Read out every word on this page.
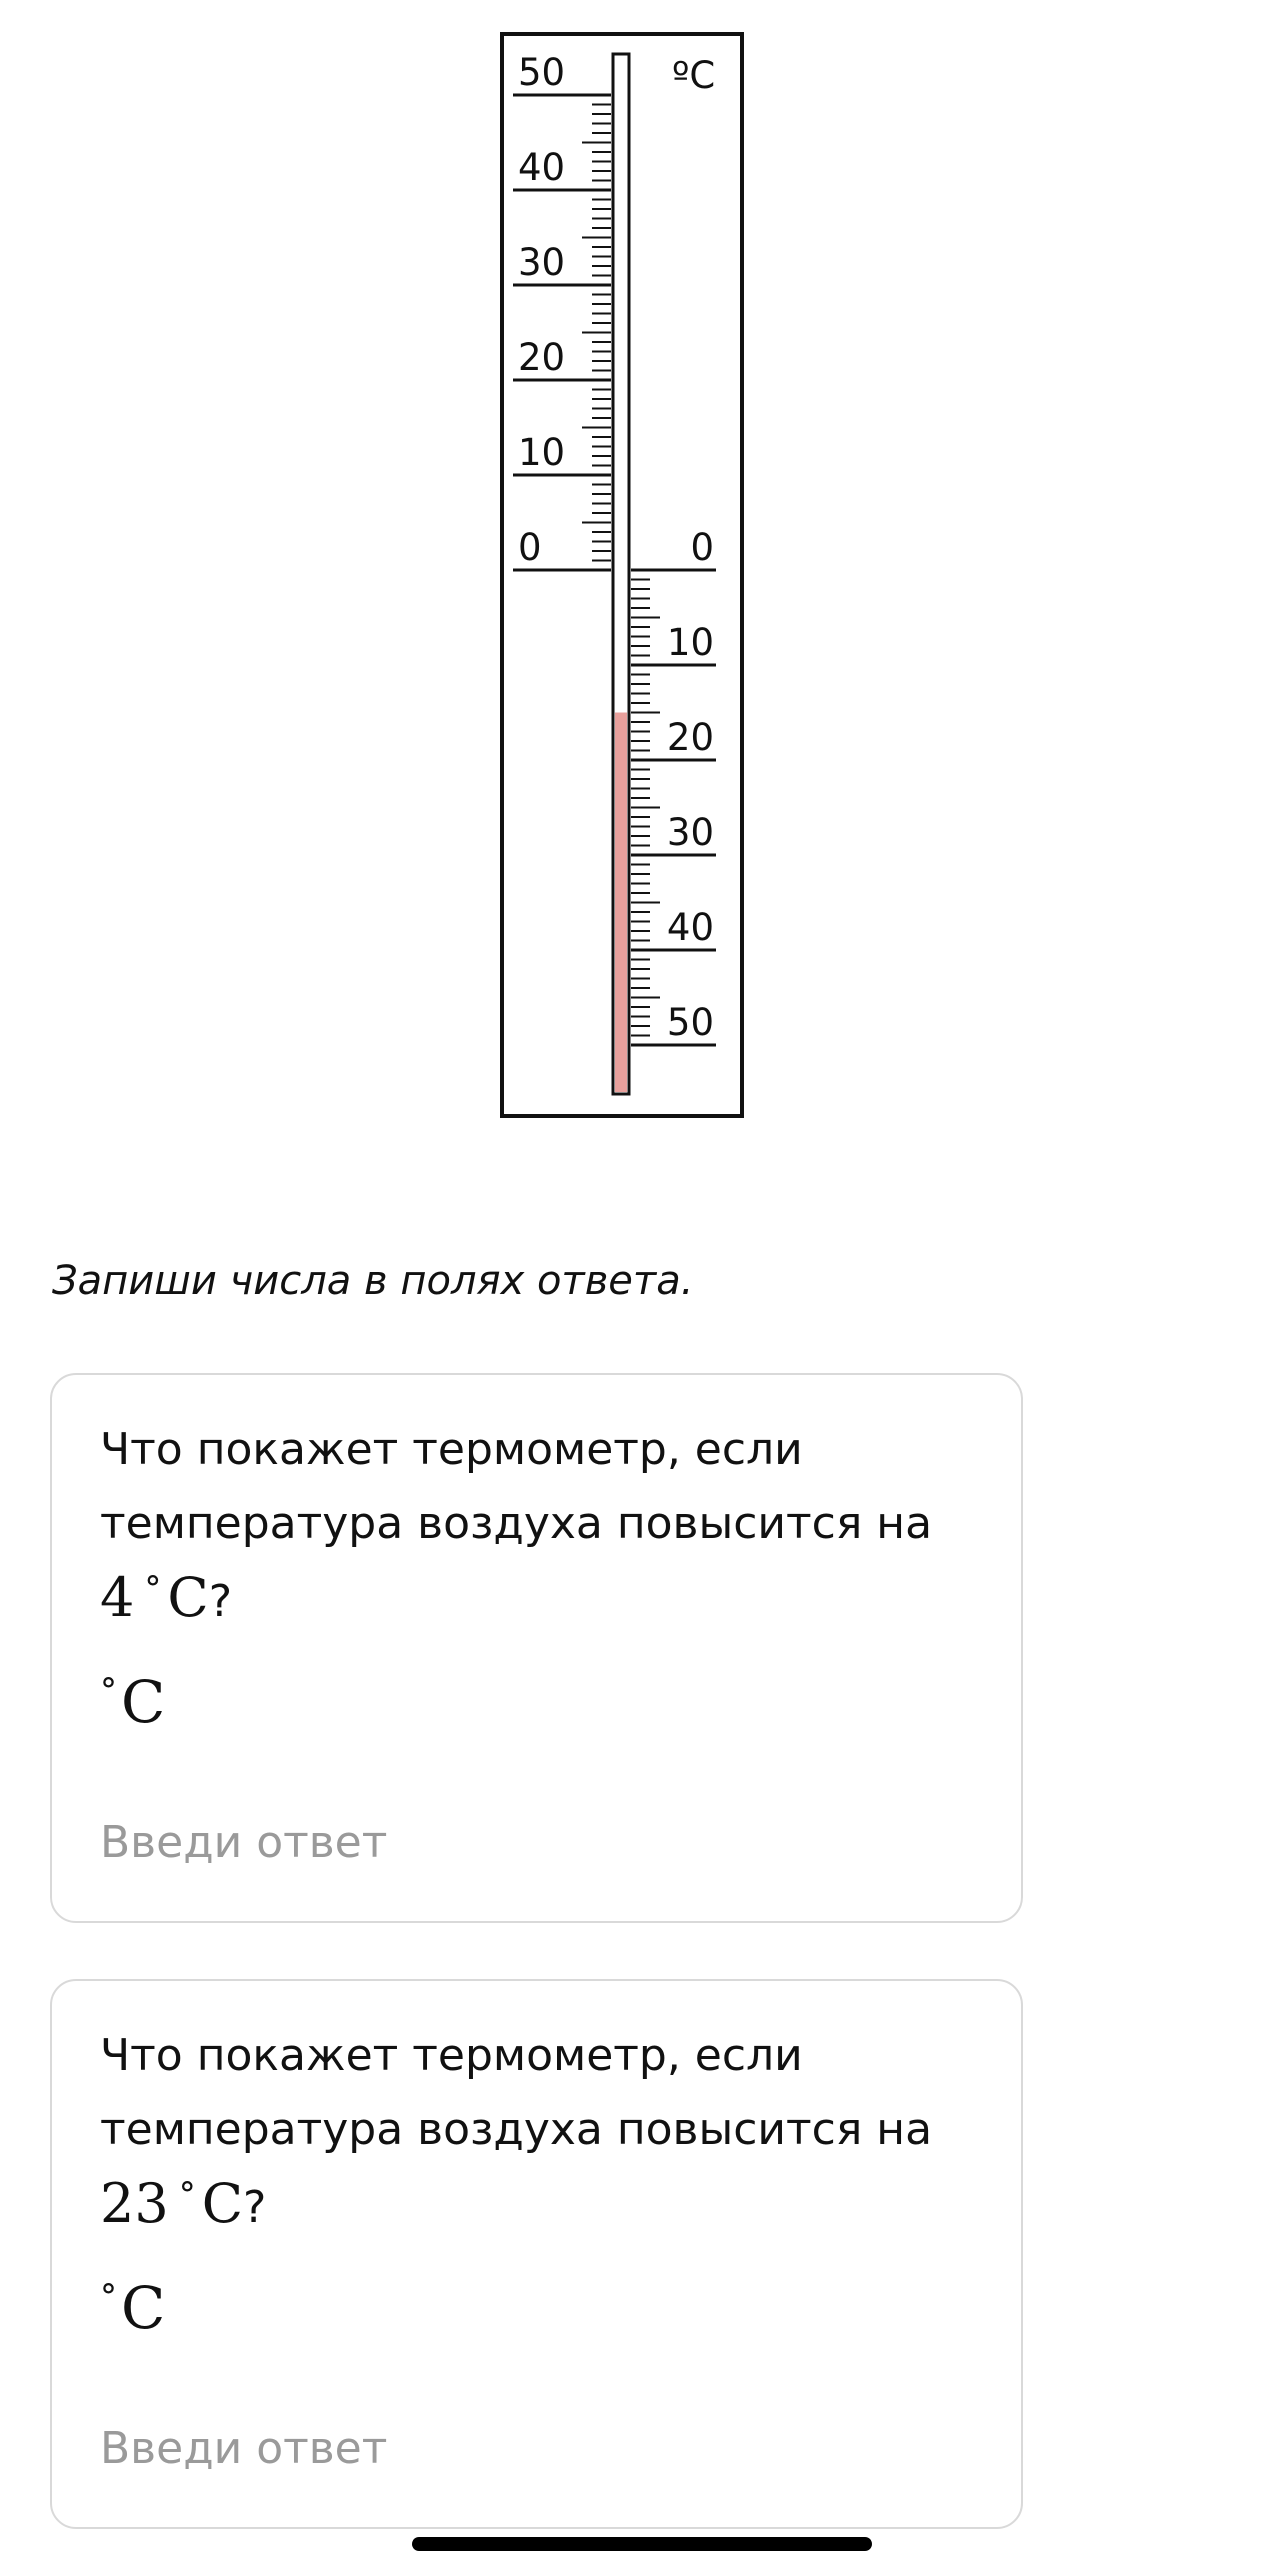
50
40
30
20
10
0	0
10
20
30
40
50
ºC
Запиши числа в полях ответа.
Что покажет термометр, если температура воздуха повысится на 4 ° C?
°C
Введи ответ
Что покажет термометр, если температура воздуха повысится на 23 ° C?
°C
Введи ответ
